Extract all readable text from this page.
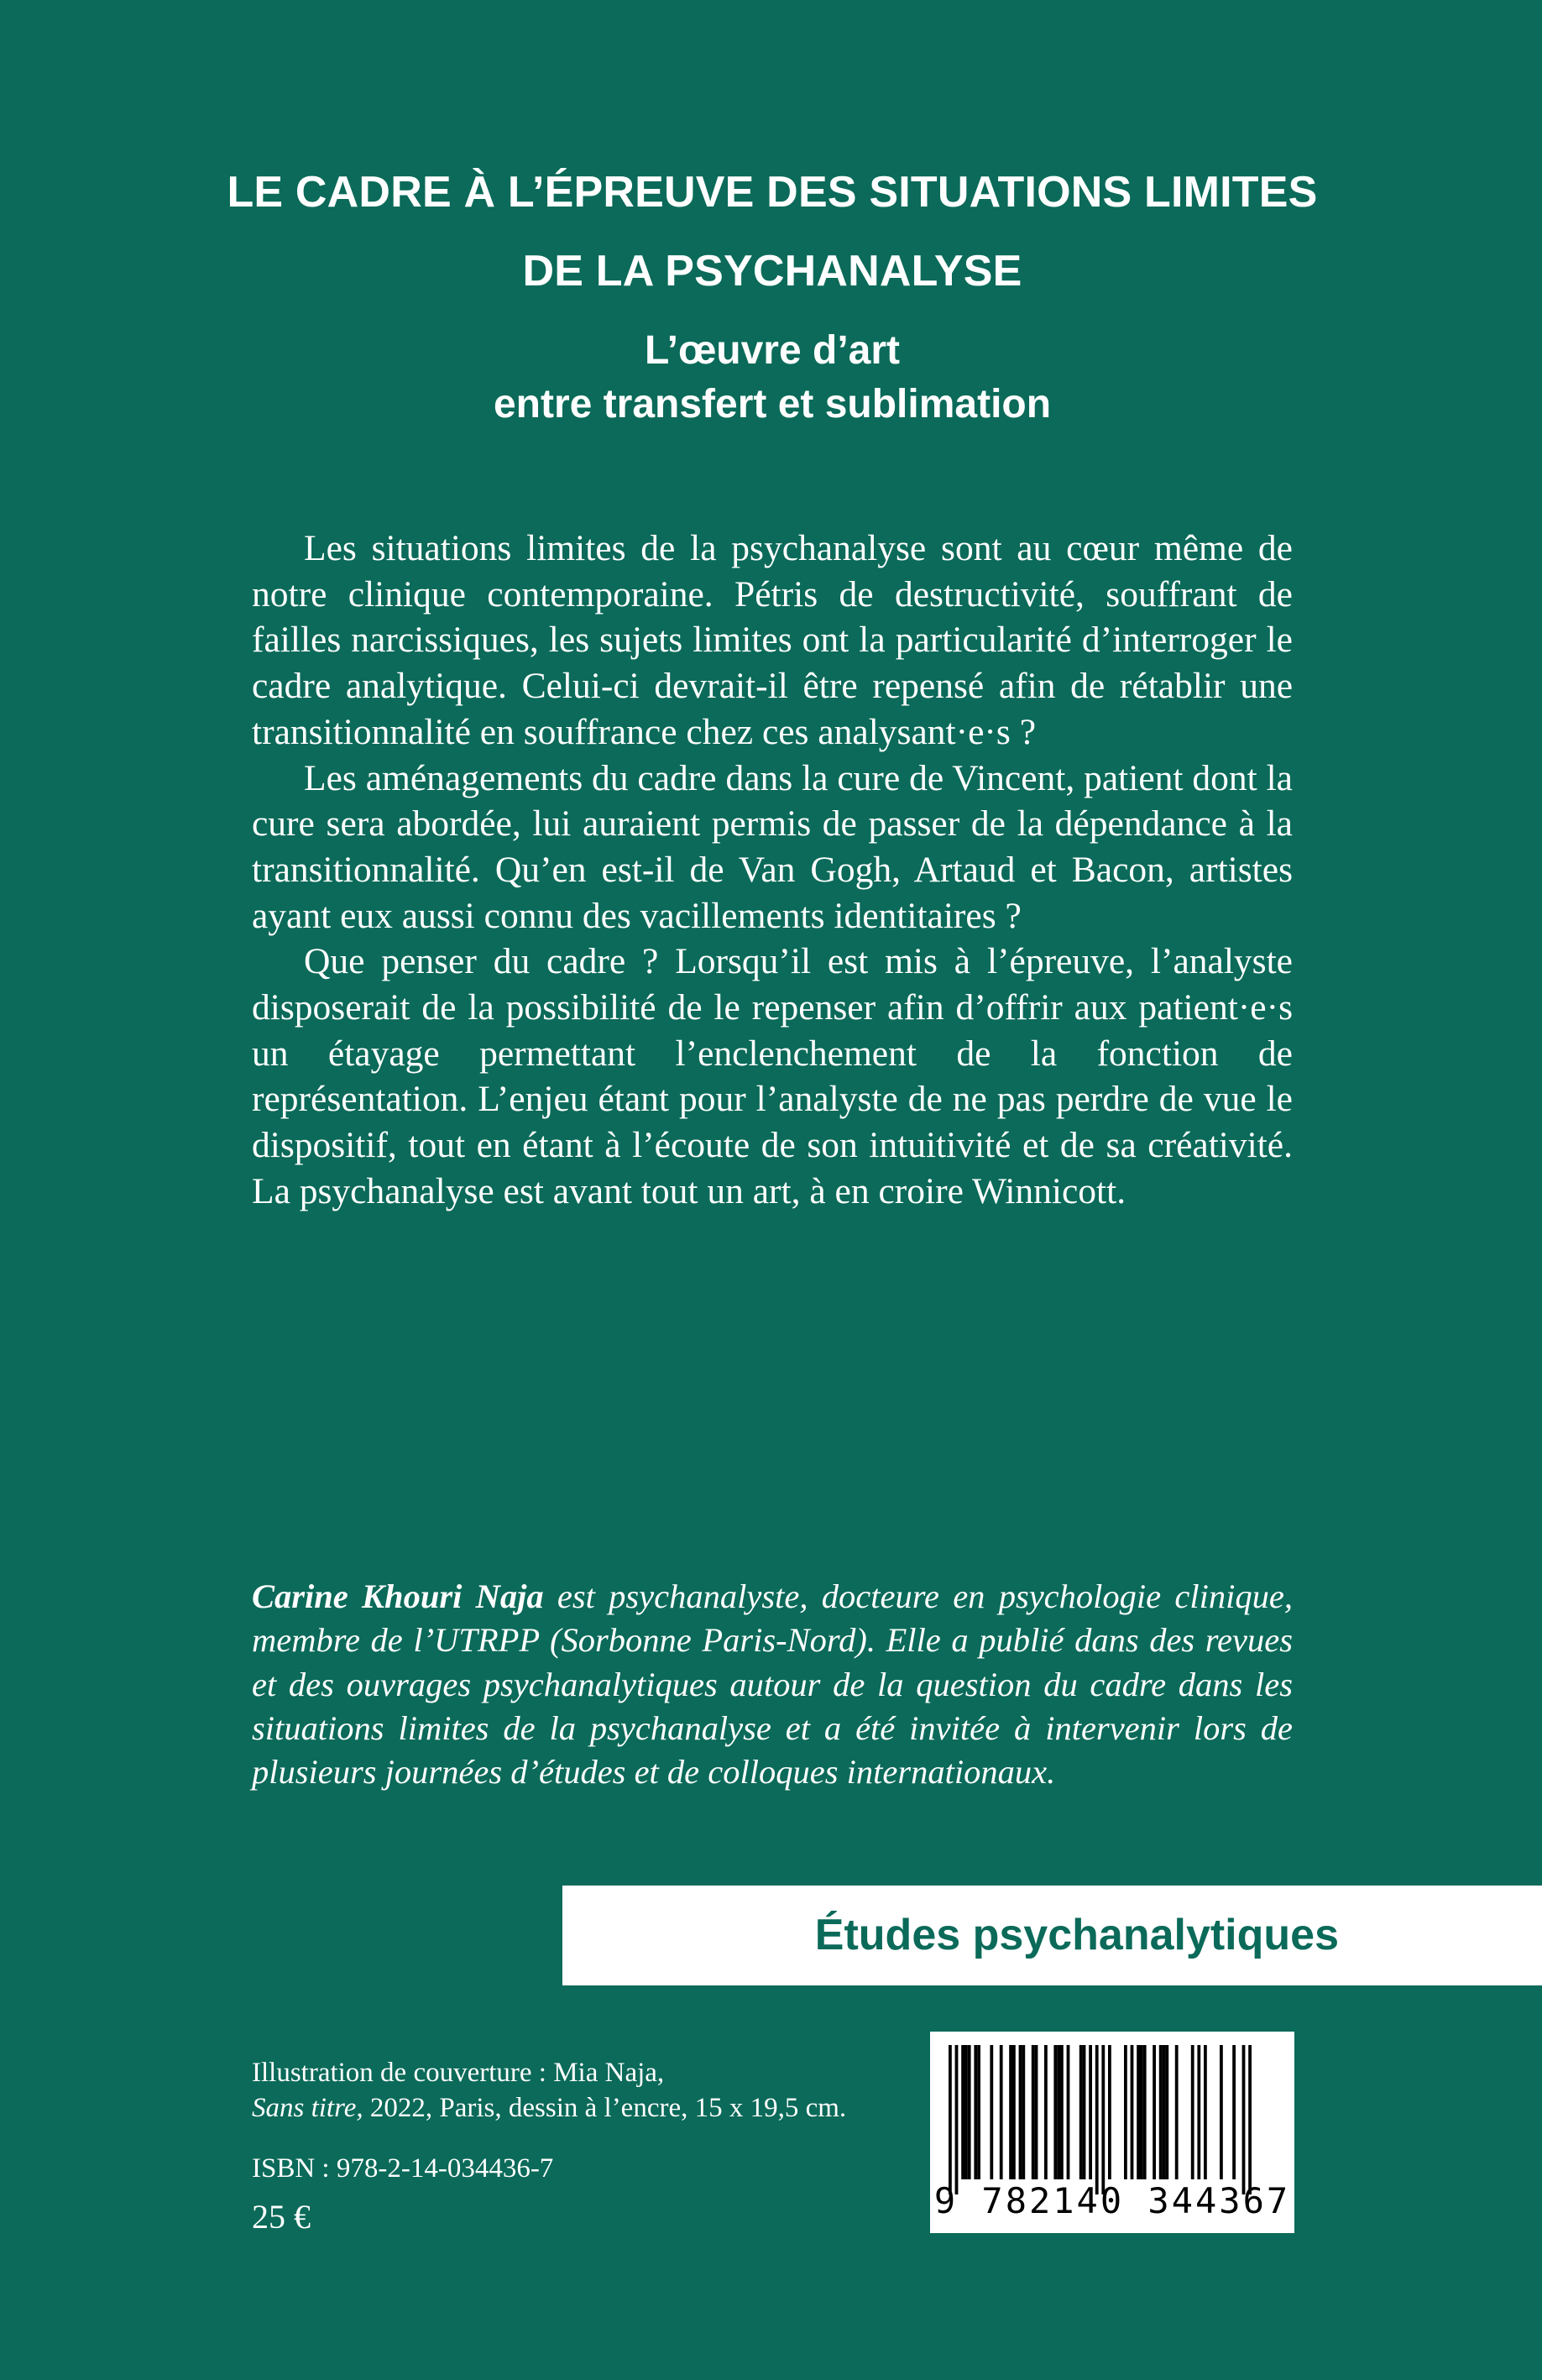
LE CADRE À L’ÉPREUVE DES SITUATIONS LIMITES
DE LA PSYCHANALYSE
L’œuvre d’art
entre transfert et sublimation

Les situations limites de la psychanalyse sont au cœur même de notre clinique contemporaine. Pétris de destructivité, souffrant de failles narcissiques, les sujets limites ont la particularité d’interroger le cadre analytique. Celui-ci devrait-il être repensé afin de rétablir une transitionnalité en souffrance chez ces analysant·e·s ?

Les aménagements du cadre dans la cure de Vincent, patient dont la cure sera abordée, lui auraient permis de passer de la dépendance à la transitionnalité. Qu’en est-il de Van Gogh, Artaud et Bacon, artistes ayant eux aussi connu des vacillements identitaires ?

Que penser du cadre ? Lorsqu’il est mis à l’épreuve, l’analyste disposerait de la possibilité de le repenser afin d’offrir aux patient·e·s un étayage permettant l’enclenchement de la fonction de représentation. L’enjeu étant pour l’analyste de ne pas perdre de vue le dispositif, tout en étant à l’écoute de son intuitivité et de sa créativité. La psychanalyse est avant tout un art, à en croire Winnicott.

Carine Khouri Naja est psychanalyste, docteure en psychologie clinique, membre de l’UTRPP (Sorbonne Paris-Nord). Elle a publié dans des revues et des ouvrages psychanalytiques autour de la question du cadre dans les situations limites de la psychanalyse et a été invitée à intervenir lors de plusieurs journées d’études et de colloques internationaux.

Études psychanalytiques
Illustration de couverture : Mia Naja,
Sans titre, 2022, Paris, dessin à l’encre, 15 x 19,5 cm.
ISBN : 978-2-14-034436-7
25 €	9 782140 344367
